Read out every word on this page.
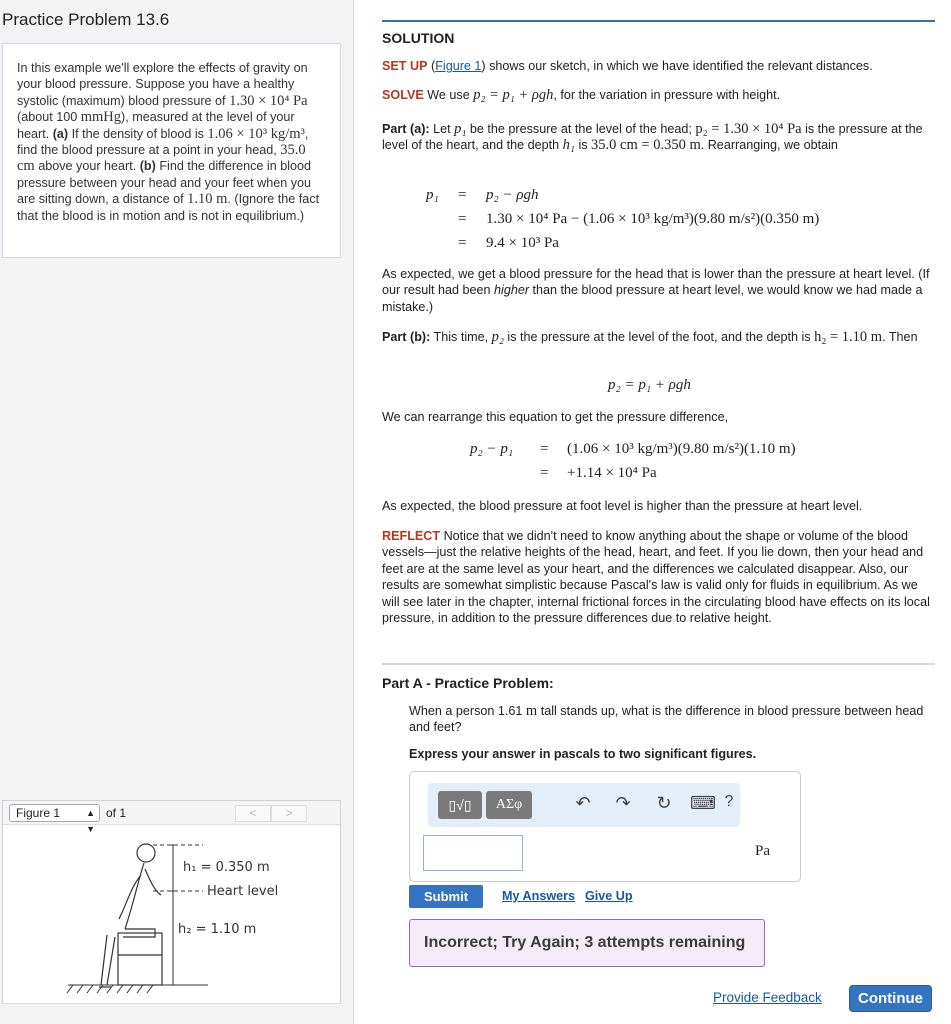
Practice Problem 13.6
In this example we'll explore the effects of gravity on your blood pressure. Suppose you have a healthy systolic (maximum) blood pressure of 1.30 × 10⁴ Pa (about 100 mmHg), measured at the level of your heart. (a) If the density of blood is 1.06 × 10³ kg/m³, find the blood pressure at a point in your head, 35.0 cm above your heart. (b) Find the difference in blood pressure between your head and your feet when you are sitting down, a distance of 1.10 m. (Ignore the fact that the blood is in motion and is not in equilibrium.)
Figure 1	▲
▼
of 1	<	>
h₁ = 0.350 m
Heart level
h₂ = 1.10 m
SOLUTION
SET UP (Figure 1) shows our sketch, in which we have identified the relevant distances.
SOLVE We use p₂ = p₁ + ρgh, for the variation in pressure with height.
Part (a): Let p₁ be the pressure at the level of the head; p₂ = 1.30 × 10⁴ Pa is the pressure at the level of the heart, and the depth h₁ is 35.0 cm = 0.350 m. Rearranging, we obtain
p₁ = p₂ − ρgh
= 1.30 × 10⁴ Pa − (1.06 × 10³ kg/m³)(9.80 m/s²)(0.350 m)
= 9.4 × 10³ Pa
As expected, we get a blood pressure for the head that is lower than the pressure at heart level. (If our result had been higher than the blood pressure at heart level, we would know we had made a mistake.)
Part (b): This time, p₂ is the pressure at the level of the foot, and the depth is h₂ = 1.10 m. Then
p₂ = p₁ + ρgh
We can rearrange this equation to get the pressure difference,
p₂ − p₁ = (1.06 × 10³ kg/m³)(9.80 m/s²)(1.10 m)
= +1.14 × 10⁴ Pa
As expected, the blood pressure at foot level is higher than the pressure at heart level.
REFLECT Notice that we didn't need to know anything about the shape or volume of the blood vessels—just the relative heights of the head, heart, and feet. If you lie down, then your head and feet are at the same level as your heart, and the differences we calculated disappear. Also, our results are somewhat simplistic because Pascal's law is valid only for fluids in equilibrium. As we will see later in the chapter, internal frictional forces in the circulating blood have effects on its local pressure, in addition to the pressure differences due to relative height.
Part A - Practice Problem:
When a person 1.61 m tall stands up, what is the difference in blood pressure between head and feet?
Express your answer in pascals to two significant figures.
▯√▯	ΑΣφ	↶ ↷ ↻ ⌨ ?
Pa
Submit	My Answers Give Up
Incorrect; Try Again; 3 attempts remaining
Provide Feedback	Continue
